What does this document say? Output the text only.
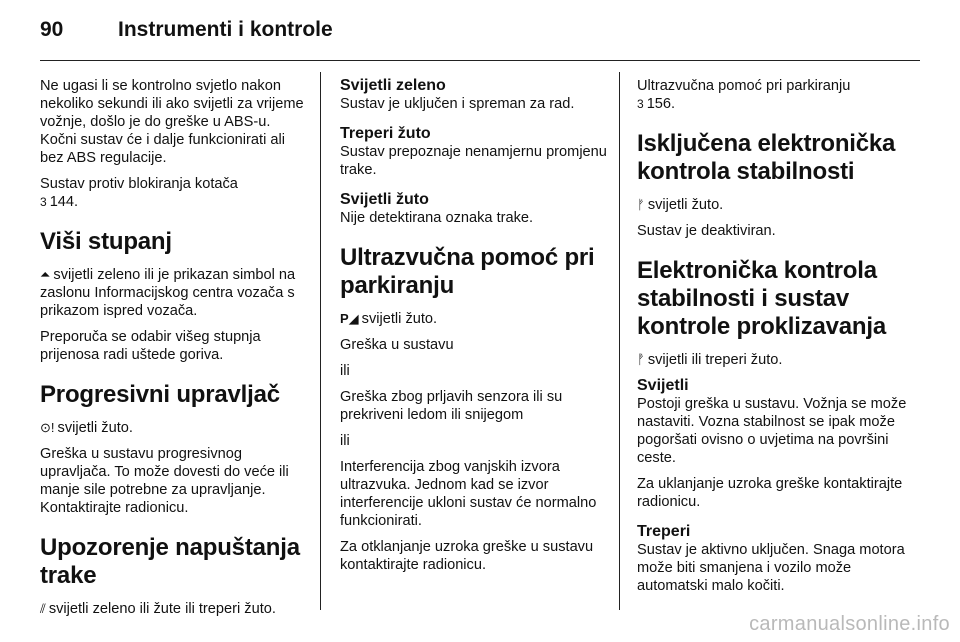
90	Instrumenti i kontrole

Ne ugasi li se kontrolno svjetlo nakon nekoliko sekundi ili ako svijetli za vrijeme vožnje, došlo je do greške u ABS-u. Kočni sustav će i dalje funkcionirati ali bez ABS regulacije.

Sustav protiv blokiranja kotača
3 144.

Viši stupanj

⏶ svijetli zeleno ili je prikazan simbol na zaslonu Informacijskog centra vozača s prikazom ispred vozača.

Preporuča se odabir višeg stupnja prijenosa radi uštede goriva.

Progresivni upravljač

⊙! svijetli žuto.

Greška u sustavu progresivnog upravljača. To može dovesti do veće ili manje sile potrebne za upravljanje. Kontaktirajte radionicu.

Upozorenje napuštanja trake

⫽ svijetli zeleno ili žute ili treperi žuto.

Svijetli zeleno

Sustav je uključen i spreman za rad.

Treperi žuto

Sustav prepoznaje nenamjernu promjenu trake.

Svijetli žuto

Nije detektirana oznaka trake.

Ultrazvučna pomoć pri parkiranju

P◢ svijetli žuto.

Greška u sustavu

ili

Greška zbog prljavih senzora ili su prekriveni ledom ili snijegom

ili

Interferencija zbog vanjskih izvora ultrazvuka. Jednom kad se izvor interferencije ukloni sustav će normalno funkcionirati.

Za otklanjanje uzroka greške u sustavu kontaktirajte radionicu.

Ultrazvučna pomoć pri parkiranju
3 156.

Isključena elektronička kontrola stabilnosti

ᚠ svijetli žuto.

Sustav je deaktiviran.

Elektronička kontrola stabilnosti i sustav kontrole proklizavanja

ᚡ svijetli ili treperi žuto.

Svijetli

Postoji greška u sustavu. Vožnja se može nastaviti. Vozna stabilnost se ipak može pogoršati ovisno o uvjetima na površini ceste.

Za uklanjanje uzroka greške kontaktirajte radionicu.

Treperi

Sustav je aktivno uključen. Snaga motora može biti smanjena i vozilo može automatski malo kočiti.

carmanualsonline.info
